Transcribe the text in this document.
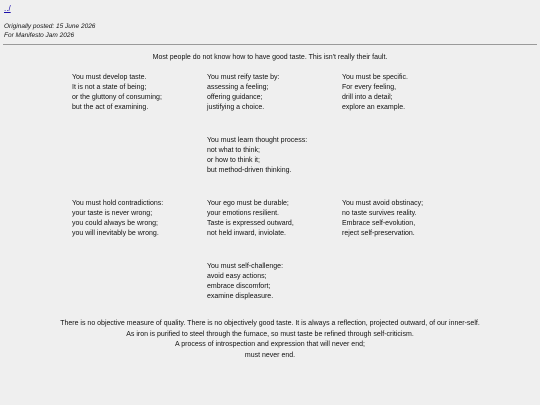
../
Originally posted: 15 June 2026
For Manifesto Jam 2026
Most people do not know how to have good taste. This isn't really their fault.
You must develop taste.
It is not a state of being;
or the gluttony of consuming;
but the act of examining.
You must reify taste by:
assessing a feeling;
offering guidance;
justifying a choice.
You must be specific.
For every feeling,
drill into a detail;
explore an example.
You must learn thought process:
not what to think;
or how to think it;
but method-driven thinking.
You must hold contradictions:
your taste is never wrong;
you could always be wrong;
you will inevitably be wrong.
Your ego must be durable;
your emotions resilient.
Taste is expressed outward,
not held inward, inviolate.
You must avoid obstinacy;
no taste survives reality.
Embrace self-evolution,
reject self-preservation.
You must self-challenge:
avoid easy actions;
embrace discomfort;
examine displeasure.
There is no objective measure of quality. There is no objectively good taste. It is always a reflection, projected outward, of our inner-self.
As iron is purified to steel through the furnace, so must taste be refined through self-criticism.
A process of introspection and expression that will never end;
must never end.
